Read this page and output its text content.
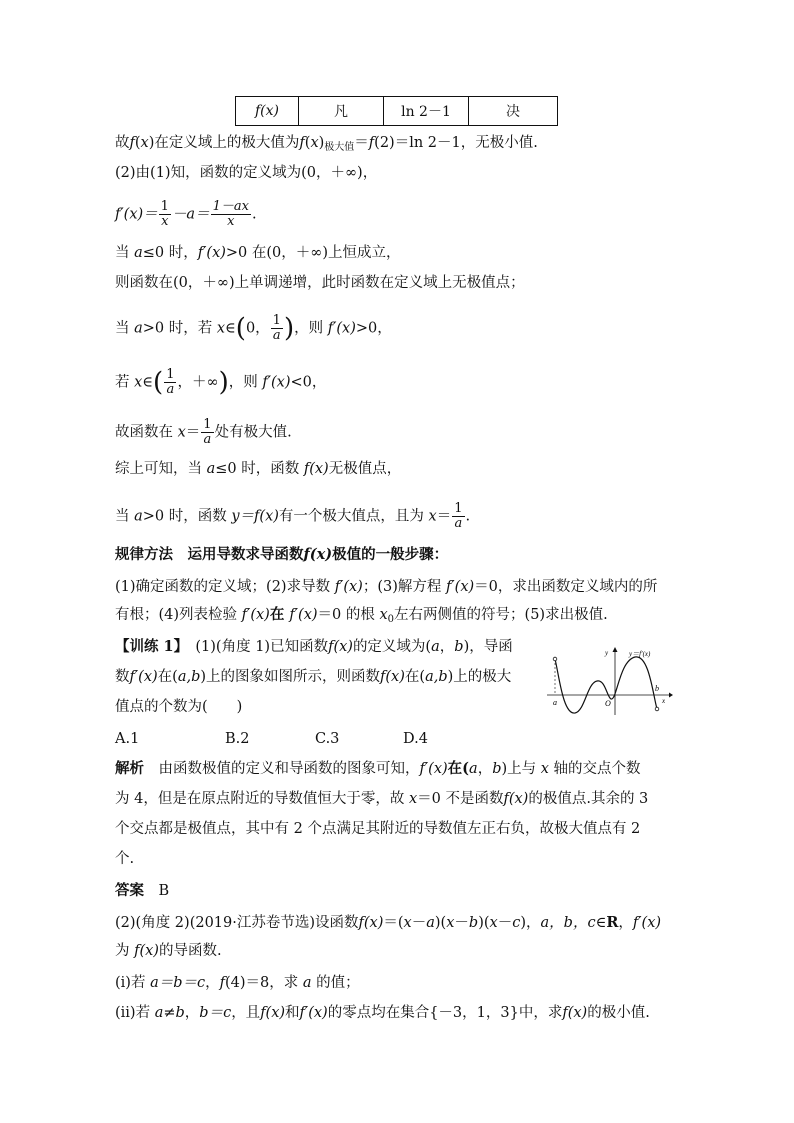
f(x)	凡	ln 2－1	决
故f(x)在定义域上的极大值为$f(x)_{极大值}=f(2)=\ln$ 2－1，无极小值.
(2)由(1)知，函数的定义域为(0，＋∞)，
$f'(x)= \frac{1}{x} -a= \frac{1-ax}{x}$ .
当 a≤0 时，f′(x)>0 在(0，＋∞)上恒成立，
则函数在(0，＋∞)上单调递增，此时函数在定义域上无极值点；
当 a>0 时，若 x∈(0， $\frac{1}{a}$ )，则 f′(x)>0，
若 x∈( $\frac{1}{a}$ ，＋∞)，则 f′(x)<0，
故函数在 $x= \frac{1}{a}$ 处有极大值.
综上可知，当 a≤0 时，函数 f(x)无极值点，
当 a>0 时，函数 y＝f(x)有一个极大值点，且为 $x= \frac{1}{a}$ .
规律方法　运用导数求导函数f(x)极值的一般步骤：
(1)确定函数的定义域；(2)求导数 f′(x)；(3)解方程 f′(x)＝0，求出函数定义域内的所
有根；(4)列表检验 f′(x)在 f′(x)＝0 的根 $x_0$左右两侧值的符号；(5)求出极值.
【训练 1】　(1)(角度 1)已知函数f(x)的定义域为(a，b)，导函
数f′(x)在(a,b)上的图象如图所示，则函数f(x)在(a,b)上的极大
值点的个数为(　　)
A.1	B.2	C.3	D.4
解析　由函数极值的定义和导函数的图象可知，f′(x)在(a，b)上与 x 轴的交点个数
为 4，但是在原点附近的导数值恒大于零，故 x＝0 不是函数f(x)的极值点.其余的 3
个交点都是极值点，其中有 2 个点满足其附近的导数值左正右负，故极大值点有 2
个.
答案　B
(2)(角度 2)(2019·江苏卷节选)设函数f(x)＝(x－a)(x－b)(x－c)，a，b，c∈R，f′(x)
为 f(x)的导函数.
(ⅰ)若 a＝b＝c，f(4)＝8，求 a 的值；
(ⅱ)若 a≠b，b＝c，且f(x)和f′(x)的零点均在集合{－3，1，3}中，求f(x)的极小值.
a
b
O	x
y	y＝f′(x)
